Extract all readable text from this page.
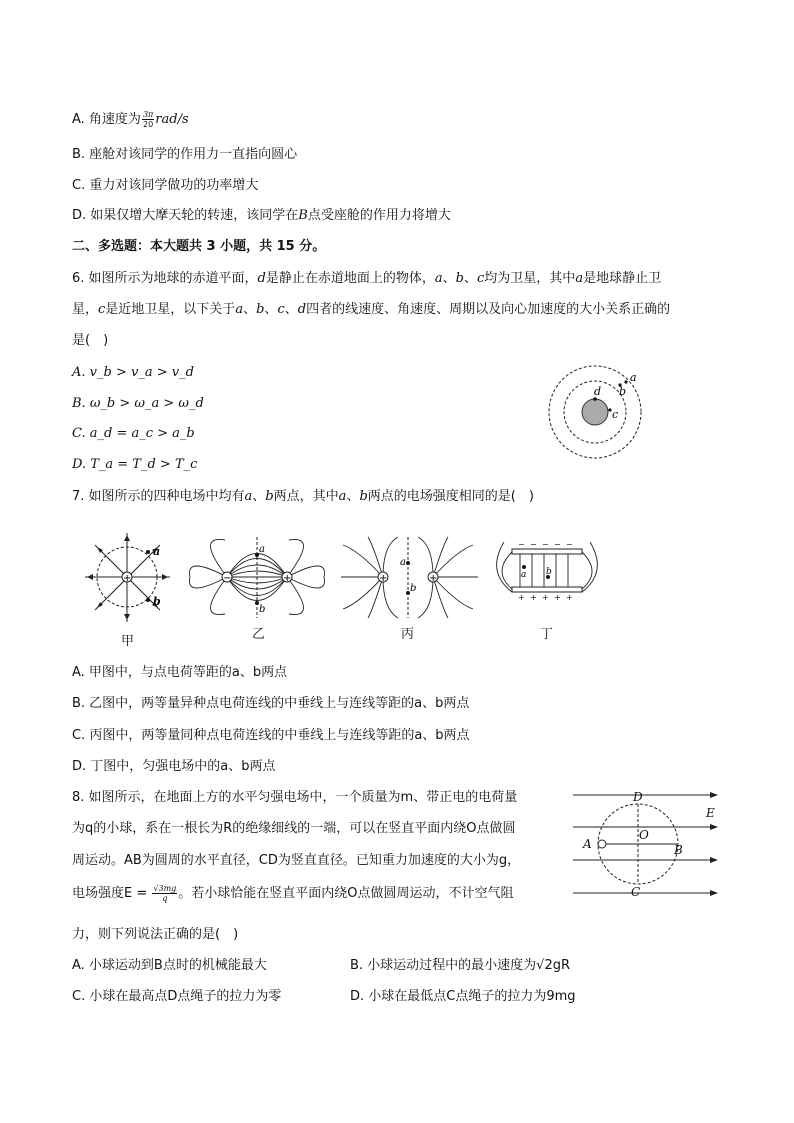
A. 角速度为 $\frac{3\pi}{20} rad/s$
B. 座舱对该同学的作用力一直指向圆心
C. 重力对该同学做功的功率增大
D. 如果仅增大摩天轮的转速，该同学在B点受座舱的作用力将增大
二、多选题：本大题共 3 小题，共 15 分。
6. 如图所示为地球的赤道平面，d是静止在赤道地面上的物体，a、b、c均为卫星，其中a是地球静止卫
星，c是近地卫星，以下关于a、b、c、d四者的线速度、角速度、周期以及向心加速度的大小关系正确的
是(　)
A. v_b > v_a > v_d
B. ω_b > ω_a > ω_d
C. a_d = a_c > a_b
D. T_a = T_d > T_c
d
c
b
a
7. 如图所示的四种电场中均有a、b两点，其中a、b两点的电场强度相同的是(　)
+
a
b
甲
−	+
a
b
乙
+	+
a
b
丙
− − − − −
+ + + + +
a b
丁
A. 甲图中，与点电荷等距的a、b两点
B. 乙图中，两等量异种点电荷连线的中垂线上与连线等距的a、b两点
C. 丙图中，两等量同种点电荷连线的中垂线上与连线等距的a、b两点
D. 丁图中，匀强电场中的a、b两点
8. 如图所示，在地面上方的水平匀强电场中，一个质量为m、带正电的电荷量
为q的小球，系在一根长为R的绝缘细线的一端，可以在竖直平面内绕O点做圆
周运动。AB为圆周的水平直径，CD为竖直直径。已知重力加速度的大小为g，
电场强度$E = \frac{√3mg}{q}$ 。若小球恰能在竖直平面内绕O点做圆周运动，不计空气阻
力，则下列说法正确的是(　)
A. 小球运动到B点时的机械能最大	B. 小球运动过程中的最小速度为√2gR
C. 小球在最高点D点绳子的拉力为零	D. 小球在最低点C点绳子的拉力为9mg
D
E
O
A	B
C
